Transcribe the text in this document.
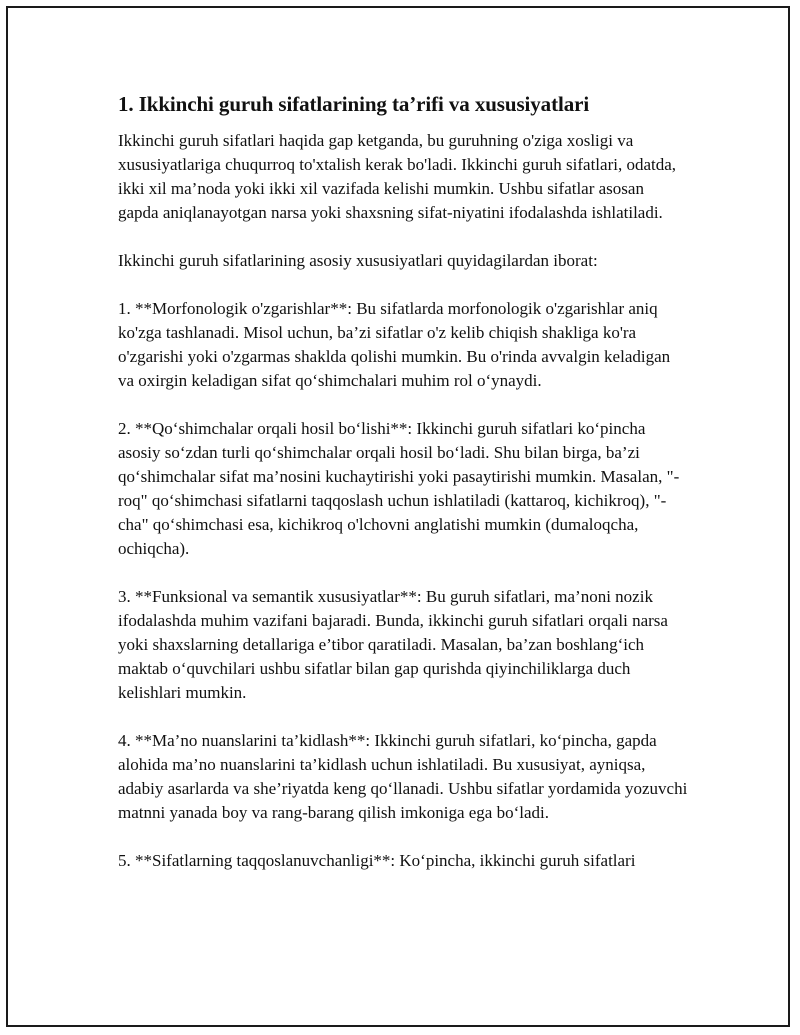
1. Ikkinchi guruh sifatlarining ta’rifi va xususiyatlari

Ikkinchi guruh sifatlari haqida gap ketganda, bu guruhning o'ziga xosligi va xususiyatlariga chuqurroq to'xtalish kerak bo'ladi. Ikkinchi guruh sifatlari, odatda, ikki xil ma’noda yoki ikki xil vazifada kelishi mumkin. Ushbu sifatlar asosan gapda aniqlanayotgan narsa yoki shaxsning sifat-niyatini ifodalashda ishlatiladi.

Ikkinchi guruh sifatlarining asosiy xususiyatlari quyidagilardan iborat:

1. **Morfonologik o'zgarishlar**: Bu sifatlarda morfonologik o'zgarishlar aniq ko'zga tashlanadi. Misol uchun, ba’zi sifatlar o'z kelib chiqish shakliga ko'ra o'zgarishi yoki o'zgarmas shaklda qolishi mumkin. Bu o'rinda avvalgin keladigan va oxirgin keladigan sifat qo‘shimchalari muhim rol o‘ynaydi.

2. **Qo‘shimchalar orqali hosil bo‘lishi**: Ikkinchi guruh sifatlari ko‘pincha asosiy so‘zdan turli qo‘shimchalar orqali hosil bo‘ladi. Shu bilan birga, ba’zi qo‘shimchalar sifat ma’nosini kuchaytirishi yoki pasaytirishi mumkin. Masalan, "-roq" qo‘shimchasi sifatlarni taqqoslash uchun ishlatiladi (kattaroq, kichikroq), "-cha" qo‘shimchasi esa, kichikroq o'lchovni anglatishi mumkin (dumaloqcha, ochiqcha).

3. **Funksional va semantik xususiyatlar**: Bu guruh sifatlari, ma’noni nozik ifodalashda muhim vazifani bajaradi. Bunda, ikkinchi guruh sifatlari orqali narsa yoki shaxslarning detallariga e’tibor qaratiladi. Masalan, ba’zan boshlang‘ich maktab o‘quvchilari ushbu sifatlar bilan gap qurishda qiyinchiliklarga duch kelishlari mumkin.

4. **Ma’no nuanslarini ta’kidlash**: Ikkinchi guruh sifatlari, ko‘pincha, gapda alohida ma’no nuanslarini ta’kidlash uchun ishlatiladi. Bu xususiyat, ayniqsa, adabiy asarlarda va she’riyatda keng qo‘llanadi. Ushbu sifatlar yordamida yozuvchi matnni yanada boy va rang-barang qilish imkoniga ega bo‘ladi.

5. **Sifatlarning taqqoslanuvchanligi**: Ko‘pincha, ikkinchi guruh sifatlari
